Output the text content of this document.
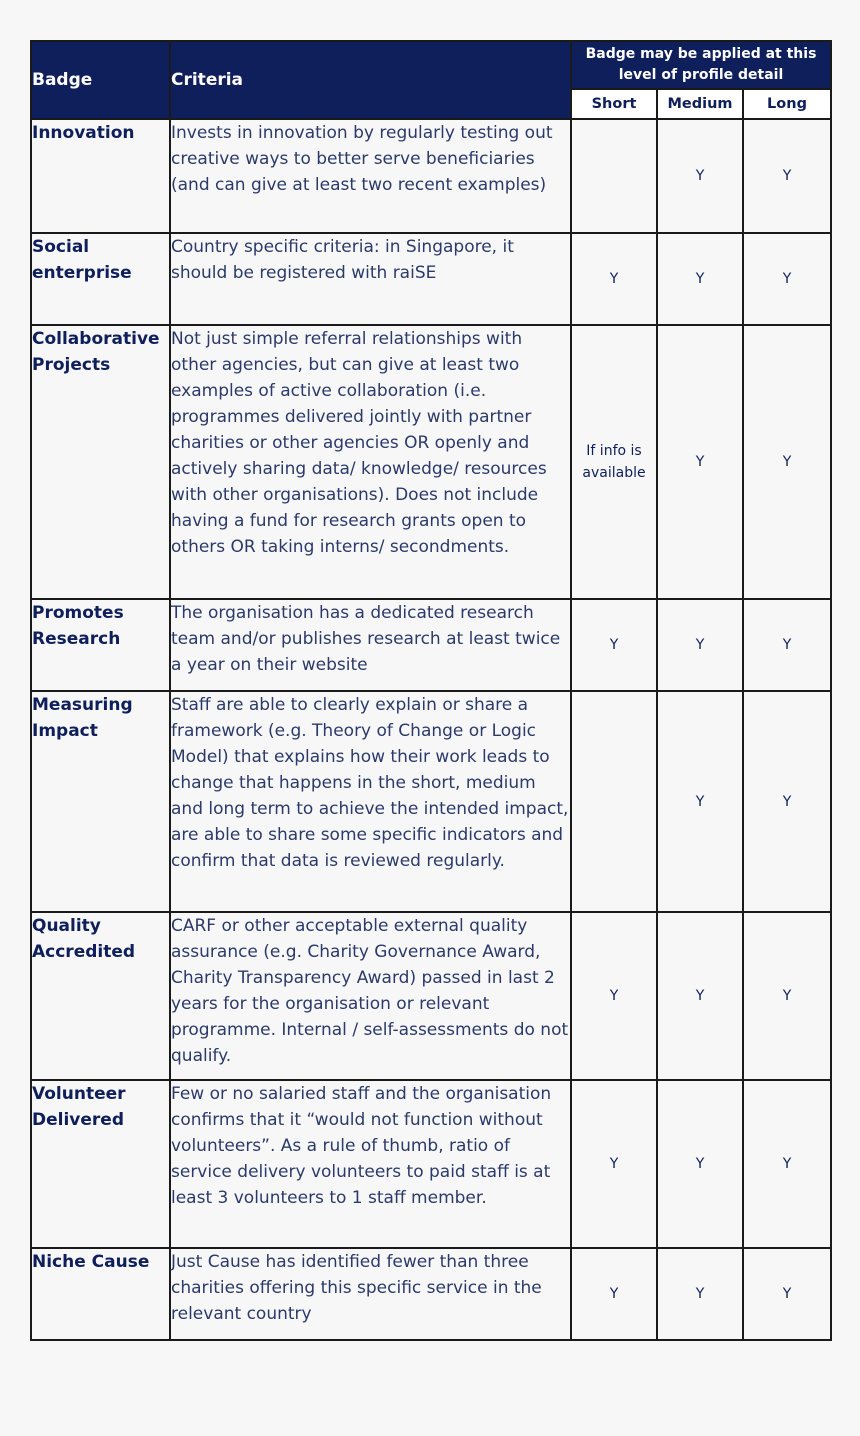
Badge	Criteria	Badge may be applied at this level of profile detail		
		Short	Medium	Long
Innovation	Invests in innovation by regularly testing out creative ways to better serve beneficiaries (and can give at least two recent examples)		Y	Y
Social enterprise	Country specific criteria: in Singapore, it should be registered with raiSE	Y	Y	Y
Collaborative Projects	Not just simple referral relationships with other agencies, but can give at least two examples of active collaboration (i.e. programmes delivered jointly with partner charities or other agencies OR openly and actively sharing data/ knowledge/ resources with other organisations). Does not include having a fund for research grants open to others OR taking interns/ secondments.	If info is available	Y	Y
Promotes Research	The organisation has a dedicated research team and/or publishes research at least twice a year on their website	Y	Y	Y
Measuring Impact	Staff are able to clearly explain or share a framework (e.g. Theory of Change or Logic Model) that explains how their work leads to change that happens in the short, medium and long term to achieve the intended impact, are able to share some specific indicators and confirm that data is reviewed regularly.		Y	Y
Quality Accredited	CARF or other acceptable external quality assurance (e.g. Charity Governance Award, Charity Transparency Award) passed in last 2 years for the organisation or relevant programme. Internal / self-assessments do not qualify.	Y	Y	Y
Volunteer Delivered	Few or no salaried staff and the organisation confirms that it “would not function without volunteers”. As a rule of thumb, ratio of service delivery volunteers to paid staff is at least 3 volunteers to 1 staff member.	Y	Y	Y
Niche Cause	Just Cause has identified fewer than three charities offering this specific service in the relevant country	Y	Y	Y
